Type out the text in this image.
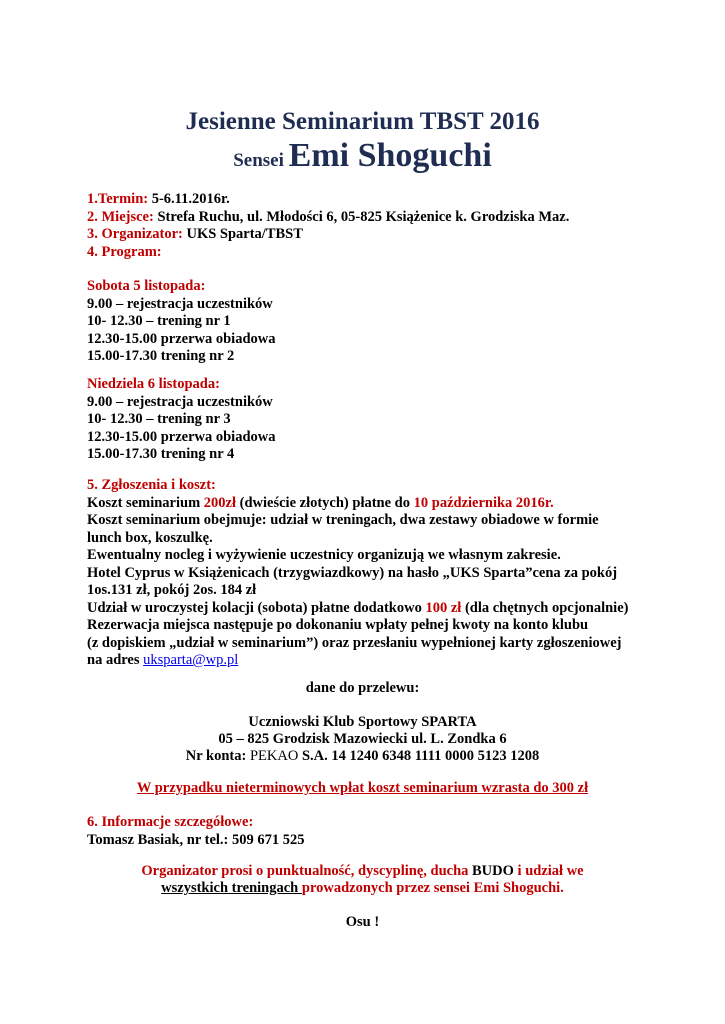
Jesienne Seminarium TBST 2016
Sensei Emi Shoguchi
1.Termin: 5-6.11.2016r.
2. Miejsce: Strefa Ruchu, ul. Młodości 6, 05-825 Książenice k. Grodziska Maz.
3. Organizator: UKS Sparta/TBST
4. Program:
Sobota 5 listopada:
9.00 – rejestracja uczestników
10- 12.30 – trening nr 1
12.30-15.00 przerwa obiadowa
15.00-17.30 trening nr 2
Niedziela 6 listopada:
9.00 – rejestracja uczestników
10- 12.30 – trening nr 3
12.30-15.00 przerwa obiadowa
15.00-17.30 trening nr 4
5. Zgłoszenia i koszt:
Koszt seminarium 200zł (dwieście złotych) płatne do 10 października 2016r.
Koszt seminarium obejmuje: udział w treningach, dwa zestawy obiadowe w formie
lunch box, koszulkę.
Ewentualny nocleg i wyżywienie uczestnicy organizują we własnym zakresie.
Hotel Cyprus w Książenicach (trzygwiazdkowy) na hasło „UKS Sparta”cena za pokój
1os.131 zł, pokój 2os. 184 zł
Udział w uroczystej kolacji (sobota) płatne dodatkowo 100 zł (dla chętnych opcjonalnie)
Rezerwacja miejsca następuje po dokonaniu wpłaty pełnej kwoty na konto klubu
(z dopiskiem „udział w seminarium”) oraz przesłaniu wypełnionej karty zgłoszeniowej
na adres uksparta@wp.pl
dane do przelewu:
Uczniowski Klub Sportowy SPARTA
05 – 825 Grodzisk Mazowiecki ul. L. Zondka 6
Nr konta: PEKAO S.A. 14 1240 6348 1111 0000 5123 1208
W przypadku nieterminowych wpłat koszt seminarium wzrasta do 300 zł
6. Informacje szczegółowe:
Tomasz Basiak, nr tel.: 509 671 525
Organizator prosi o punktualność, dyscyplinę, ducha BUDO i udział we
wszystkich treningach prowadzonych przez sensei Emi Shoguchi.
Osu !
